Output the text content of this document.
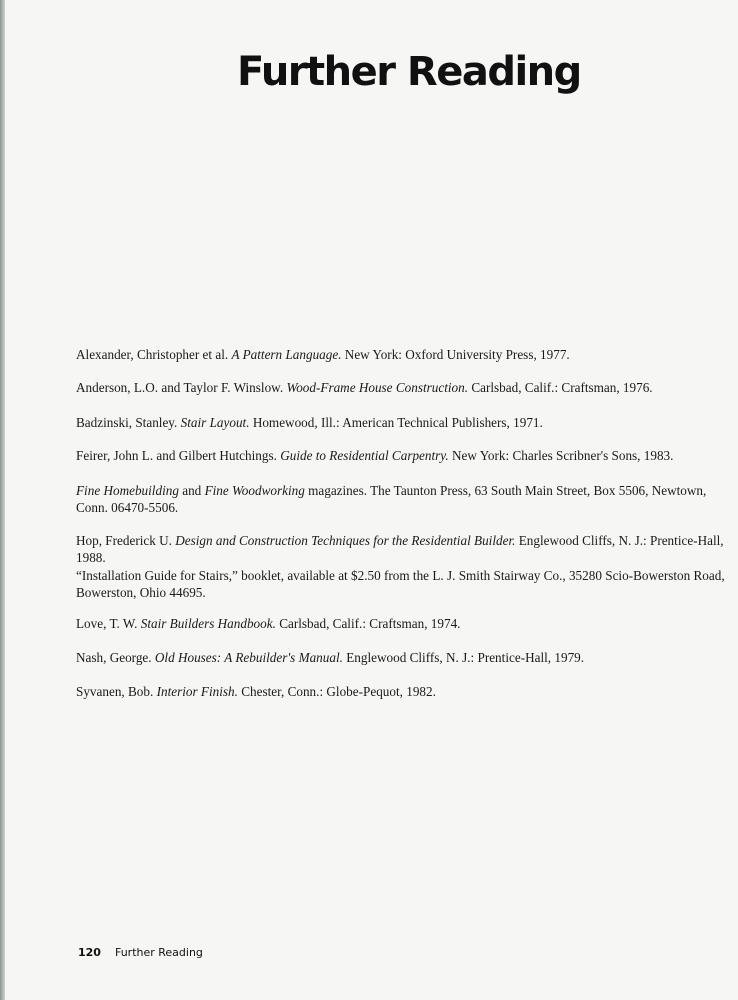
Further Reading

Alexander, Christopher et al. A Pattern Language. New York: Oxford University Press, 1977.

Anderson, L.O. and Taylor F. Winslow. Wood-Frame House Construction. Carlsbad, Calif.: Craftsman, 1976.

Badzinski, Stanley. Stair Layout. Homewood, Ill.: American Technical Publishers, 1971.

Feirer, John L. and Gilbert Hutchings. Guide to Residential Carpentry. New York: Charles Scribner's Sons, 1983.

Fine Homebuilding and Fine Woodworking magazines. The Taunton Press, 63 South Main Street, Box 5506, Newtown, Conn. 06470-5506.

Hop, Frederick U. Design and Construction Techniques for the Residential Builder. Englewood Cliffs, N. J.: Prentice-Hall, 1988.

“Installation Guide for Stairs,” booklet, available at $2.50 from the L. J. Smith Stairway Co., 35280 Scio-Bowerston Road, Bowerston, Ohio 44695.

Love, T. W. Stair Builders Handbook. Carlsbad, Calif.: Craftsman, 1974.

Nash, George. Old Houses: A Rebuilder's Manual. Englewood Cliffs, N. J.: Prentice-Hall, 1979.

Syvanen, Bob. Interior Finish. Chester, Conn.: Globe-Pequot, 1982.

120 Further Reading
